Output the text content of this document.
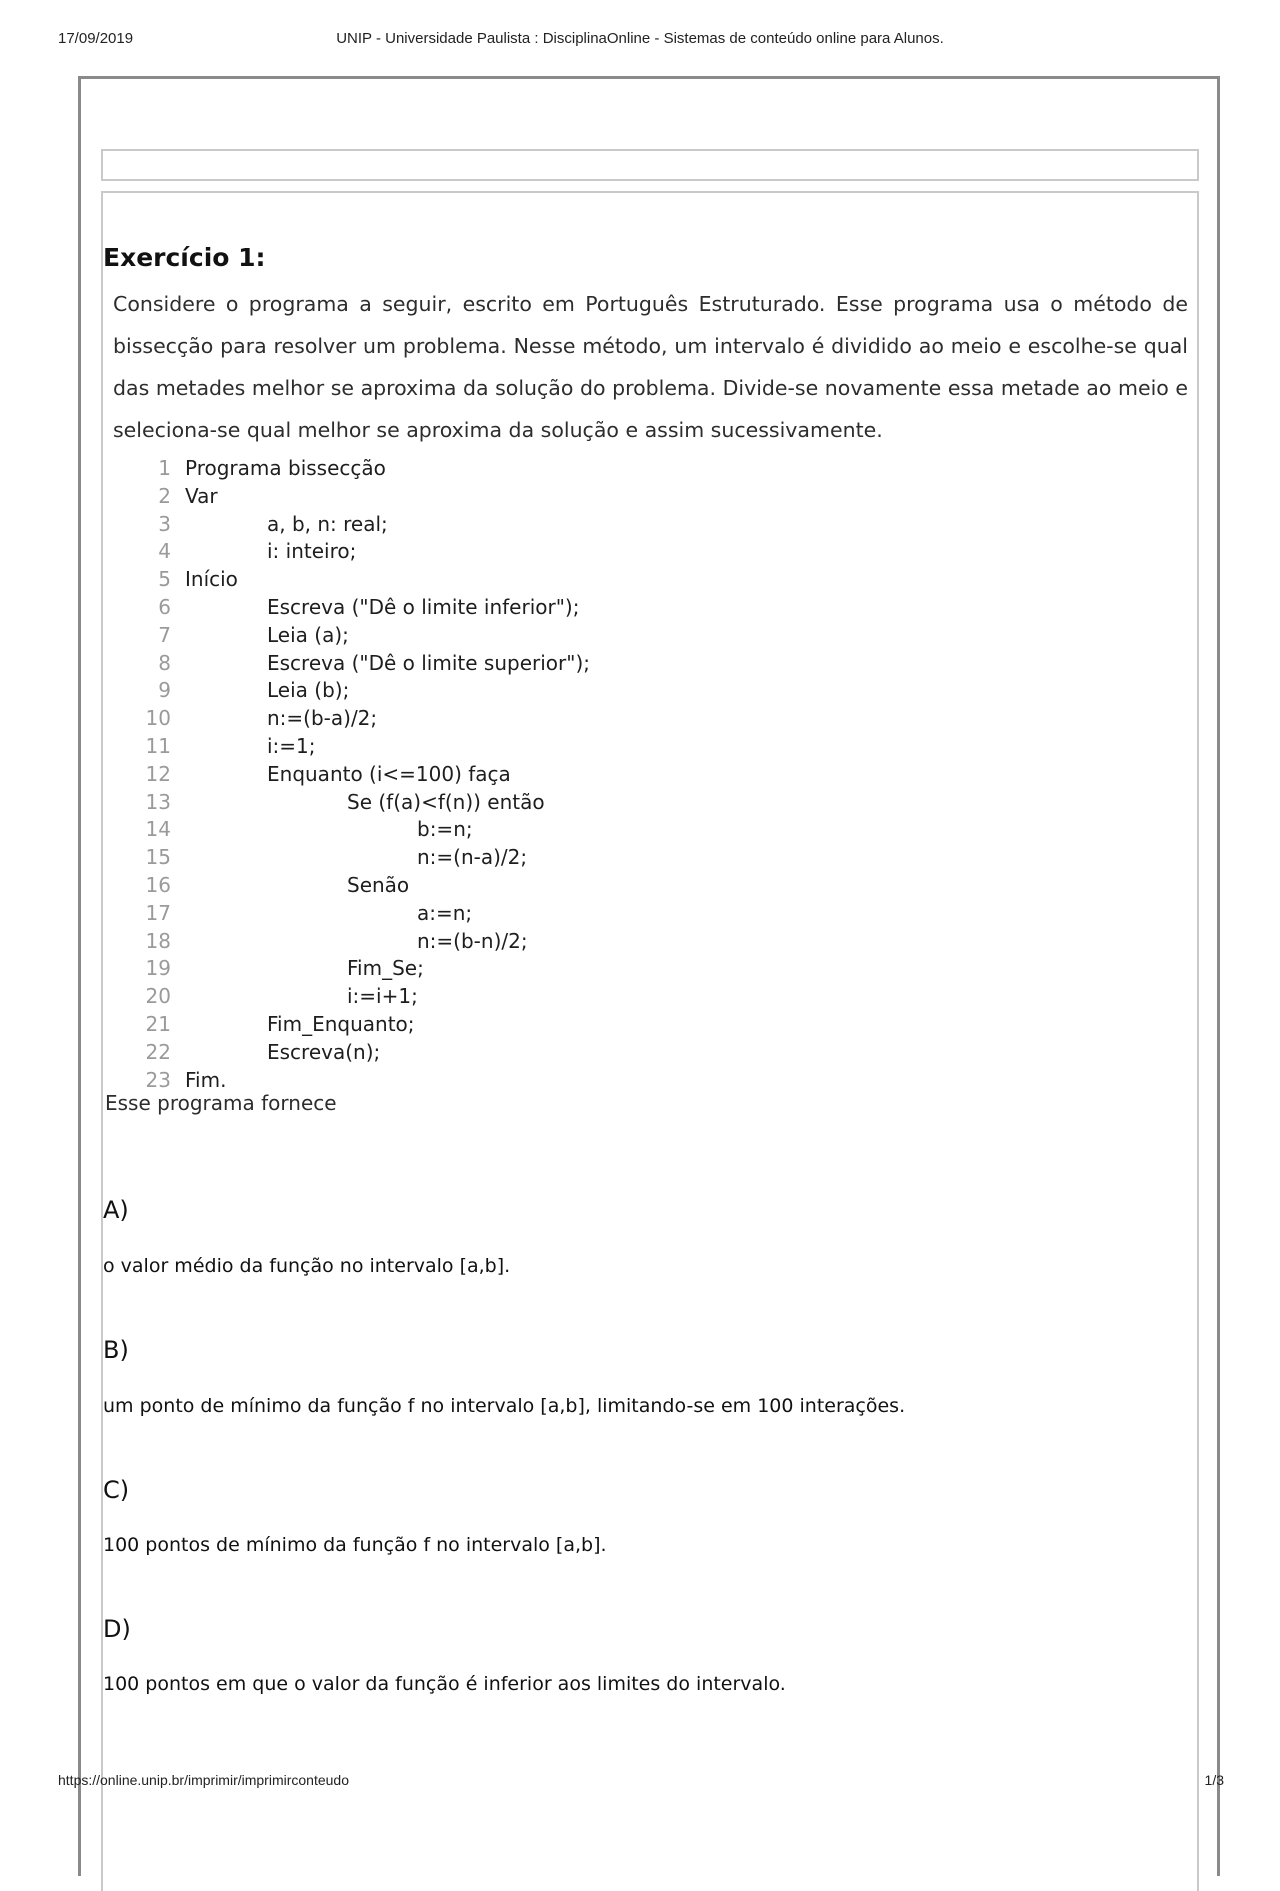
17/09/2019	UNIP - Universidade Paulista : DisciplinaOnline - Sistemas de conteúdo online para Alunos.
Exercício 1:
Considere o programa a seguir, escrito em Português Estruturado. Esse programa usa o método de bissecção para resolver um problema. Nesse método, um intervalo é dividido ao meio e escolhe-se qual das metades melhor se aproxima da solução do problema. Divide-se novamente essa metade ao meio e seleciona-se qual melhor se aproxima da solução e assim sucessivamente.
1 Programa bissecção
2 Var
3	a, b, n: real;
4	i: inteiro;
5 Início
6	Escreva ("Dê o limite inferior");
7	Leia (a);
8	Escreva ("Dê o limite superior");
9	Leia (b);
10	n:=(b-a)/2;
11	i:=1;
12	Enquanto (i<=100) faça
13	Se (f(a)<f(n)) então
14	b:=n;
15	n:=(n-a)/2;
16	Senão
17	a:=n;
18	n:=(b-n)/2;
19	Fim_Se;
20	i:=i+1;
21	Fim_Enquanto;
22	Escreva(n);
23 Fim.
Esse programa fornece
A)
o valor médio da função no intervalo [a,b].
B)
um ponto de mínimo da função f no intervalo [a,b], limitando-se em 100 interações.
C)
100 pontos de mínimo da função f no intervalo [a,b].
D)
100 pontos em que o valor da função é inferior aos limites do intervalo.
https://online.unip.br/imprimir/imprimirconteudo	1/3
